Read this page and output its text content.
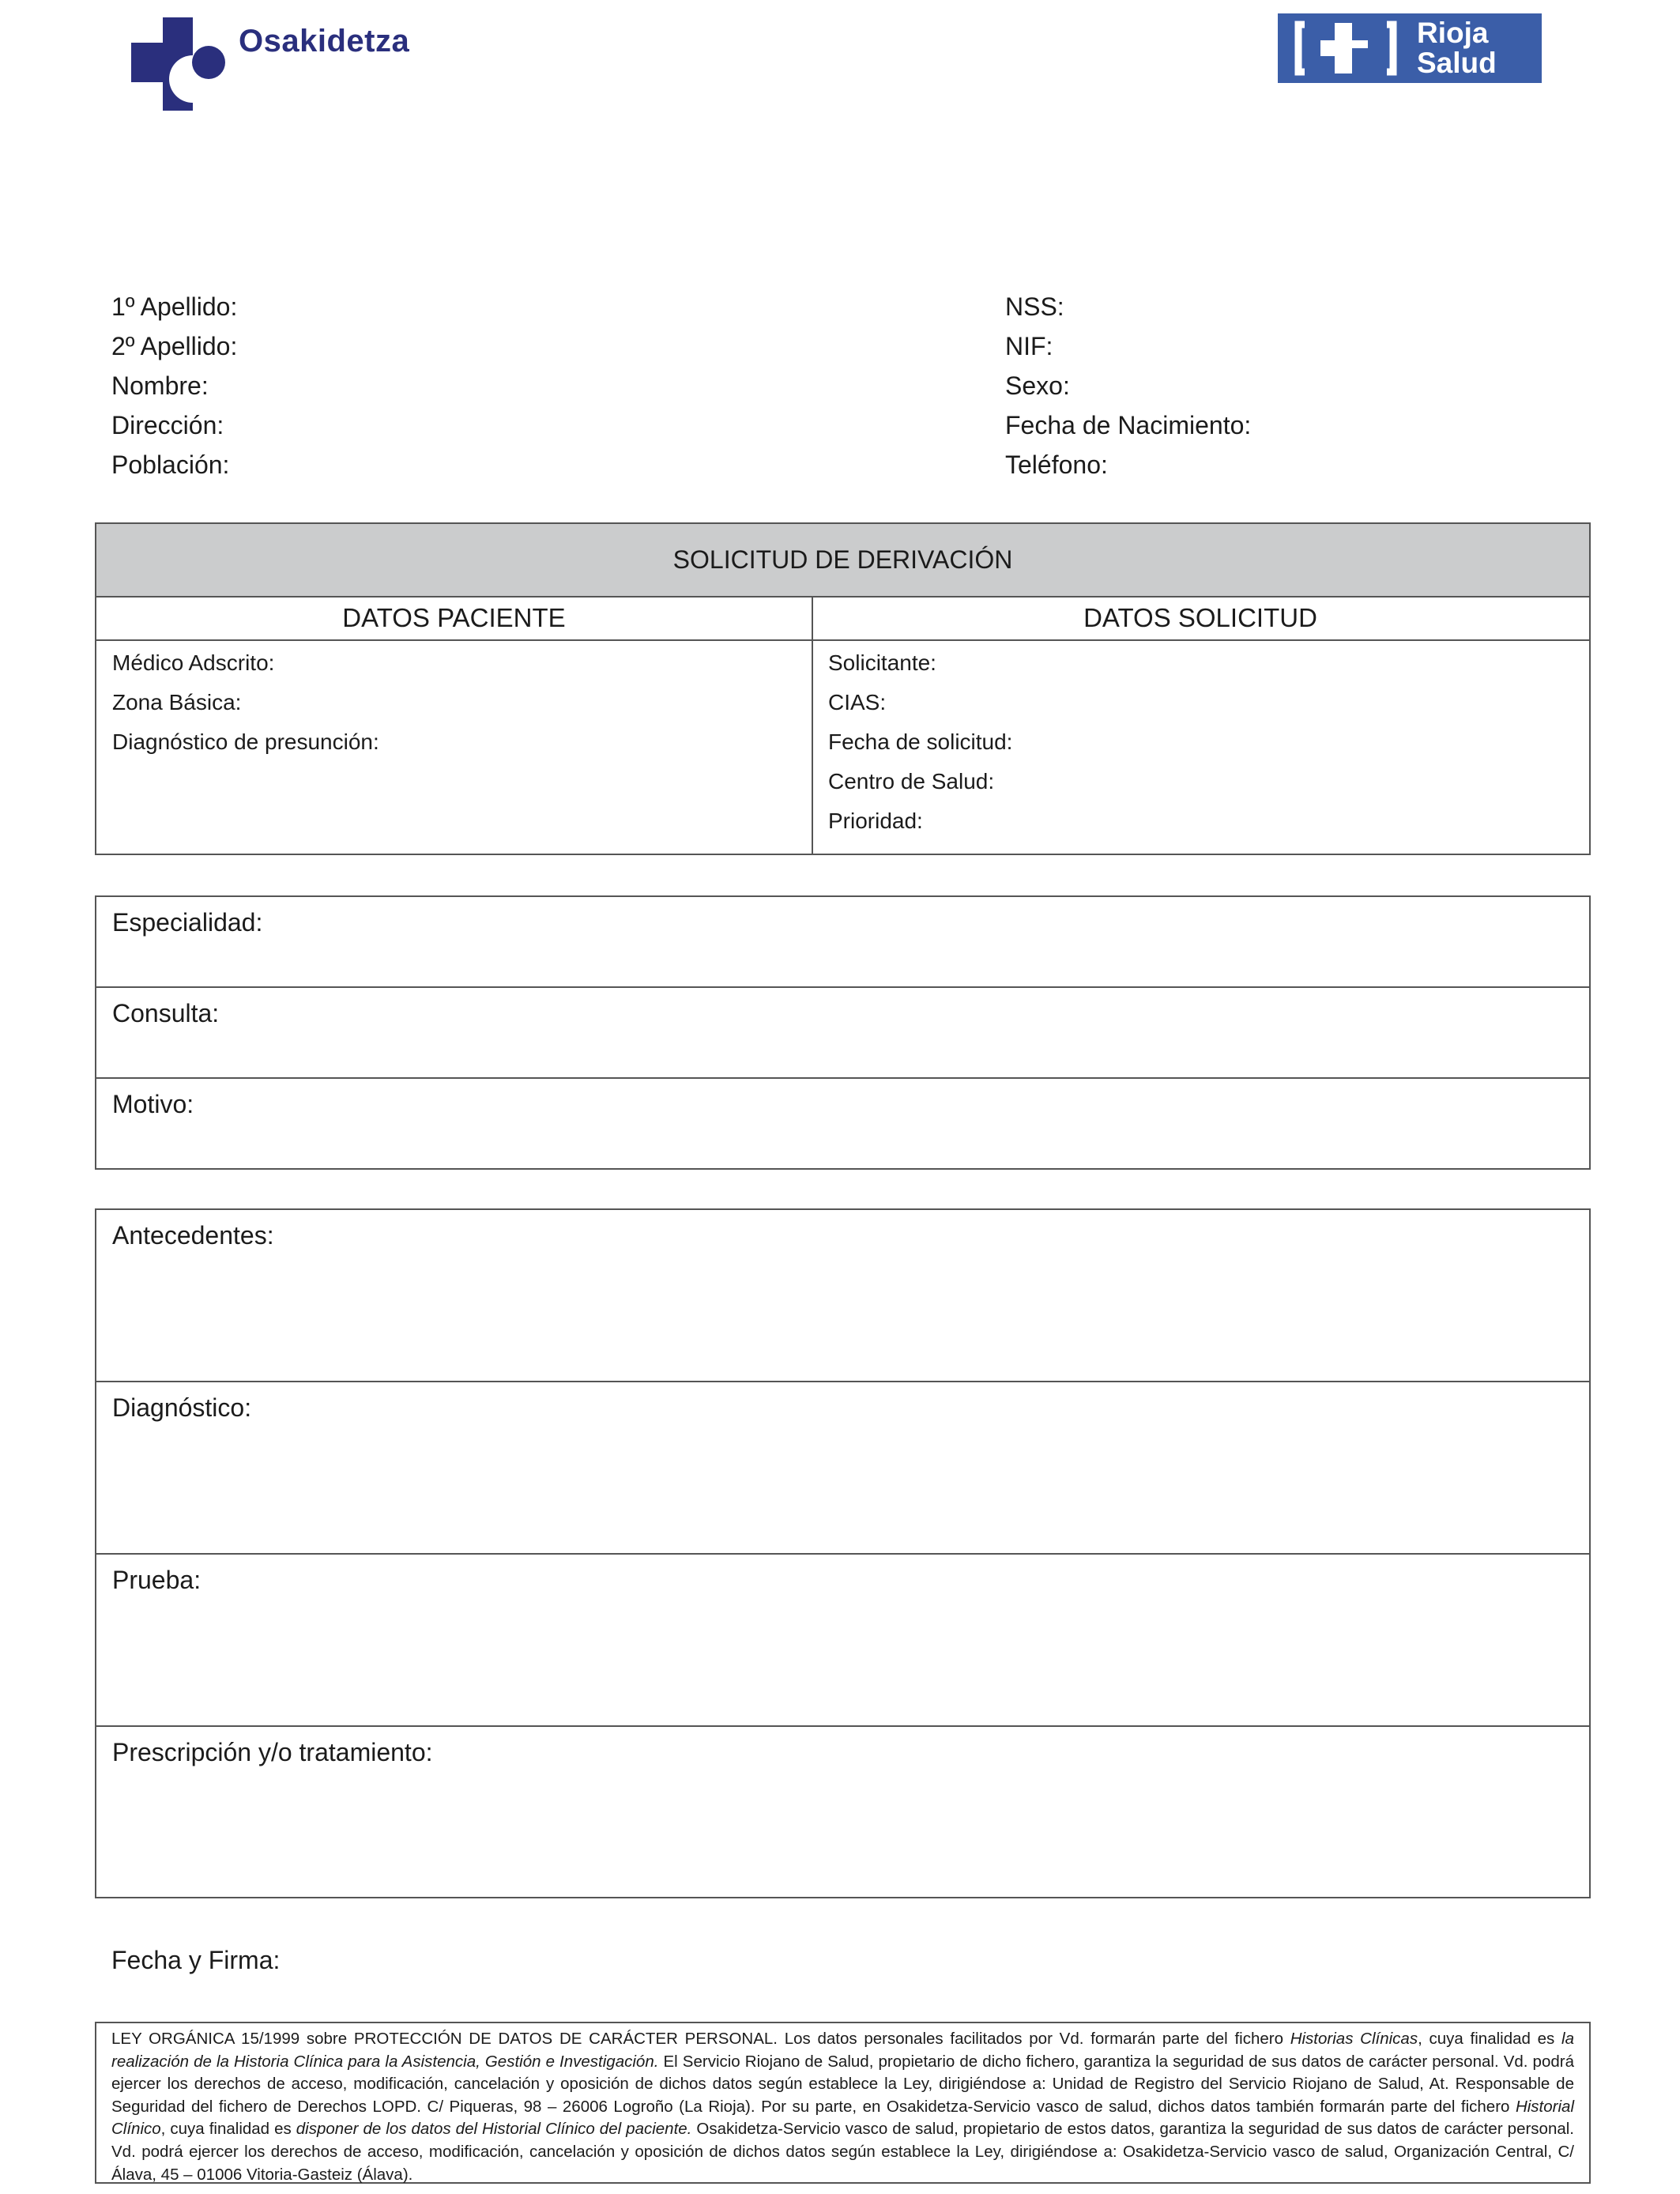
Osakidetza	Rioja
Salud
1º Apellido:
2º Apellido:
Nombre:
Dirección:
Población:
NSS:
NIF:
Sexo:
Fecha de Nacimiento:
Teléfono:
SOLICITUD DE DERIVACIÓN
DATOS PACIENTE	DATOS SOLICITUD
Médico Adscrito:
Zona Básica:
Diagnóstico de presunción:
Solicitante:
CIAS:
Fecha de solicitud:
Centro de Salud:
Prioridad:
Especialidad:
Consulta:
Motivo:
Antecedentes:
Diagnóstico:
Prueba:
Prescripción y/o tratamiento:
Fecha y Firma:

LEY ORGÁNICA 15/1999 sobre PROTECCIÓN DE DATOS DE CARÁCTER PERSONAL. Los datos personales facilitados por Vd. formarán parte del fichero Historias Clínicas, cuya finalidad es la realización de la Historia Clínica para la Asistencia, Gestión e Investigación. El Servicio Riojano de Salud, propietario de dicho fichero, garantiza la seguridad de sus datos de carácter personal. Vd. podrá ejercer los derechos de acceso, modificación, cancelación y oposición de dichos datos según establece la Ley, dirigiéndose a: Unidad de Registro del Servicio Riojano de Salud, At. Responsable de Seguridad del fichero de Derechos LOPD. C/ Piqueras, 98 – 26006 Logroño (La Rioja). Por su parte, en Osakidetza-Servicio vasco de salud, dichos datos también formarán parte del fichero Historial Clínico, cuya finalidad es disponer de los datos del Historial Clínico del paciente. Osakidetza-Servicio vasco de salud, propietario de estos datos, garantiza la seguridad de sus datos de carácter personal. Vd. podrá ejercer los derechos de acceso, modificación, cancelación y oposición de dichos datos según establece la Ley, dirigiéndose a: Osakidetza-Servicio vasco de salud, Organización Central, C/Álava, 45 – 01006 Vitoria-Gasteiz (Álava).
